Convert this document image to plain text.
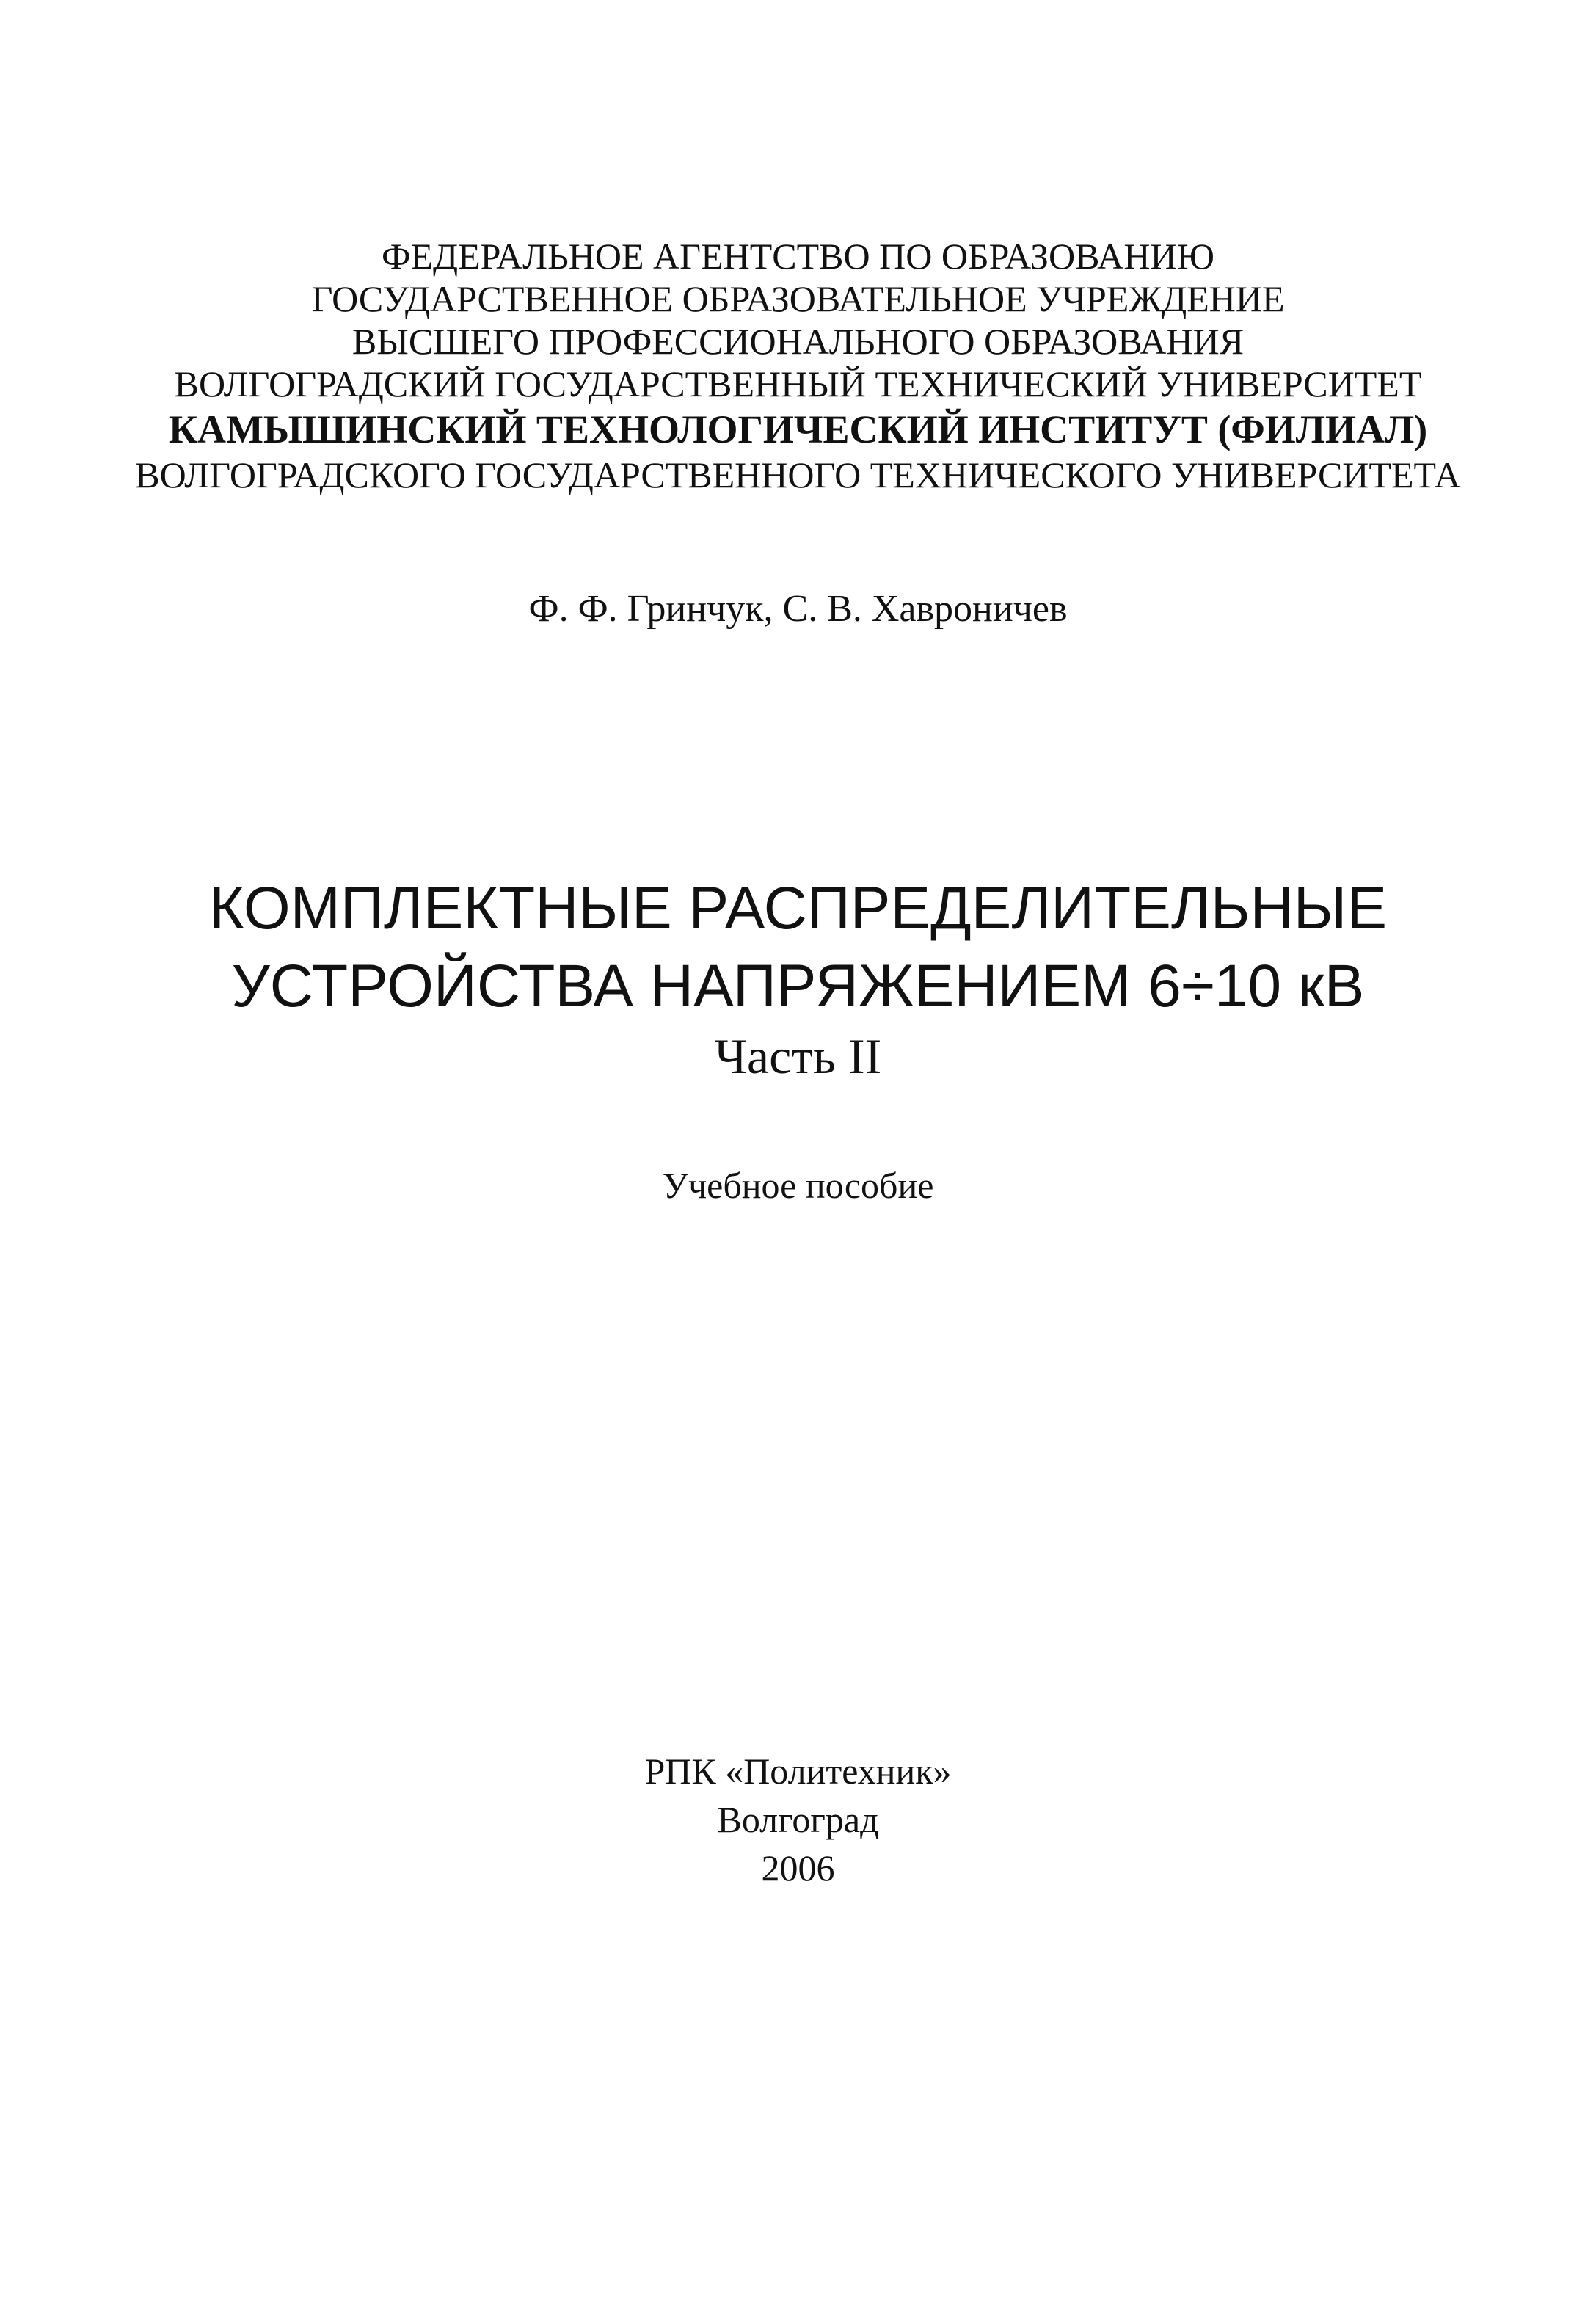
ФЕДЕРАЛЬНОЕ АГЕНТСТВО ПО ОБРАЗОВАНИЮ
ГОСУДАРСТВЕННОЕ ОБРАЗОВАТЕЛЬНОЕ УЧРЕЖДЕНИЕ
ВЫСШЕГО ПРОФЕССИОНАЛЬНОГО ОБРАЗОВАНИЯ
ВОЛГОГРАДСКИЙ ГОСУДАРСТВЕННЫЙ ТЕХНИЧЕСКИЙ УНИВЕРСИТЕТ
КАМЫШИНСКИЙ ТЕХНОЛОГИЧЕСКИЙ ИНСТИТУТ (ФИЛИАЛ)
ВОЛГОГРАДСКОГО ГОСУДАРСТВЕННОГО ТЕХНИЧЕСКОГО УНИВЕРСИТЕТА
Ф. Ф. Гринчук, С. В. Хавроничев
КОМПЛЕКТНЫЕ РАСПРЕДЕЛИТЕЛЬНЫЕ
УСТРОЙСТВА НАПРЯЖЕНИЕМ 6÷10 кВ
Часть II
Учебное пособие
РПК «Политехник»
Волгоград
2006
